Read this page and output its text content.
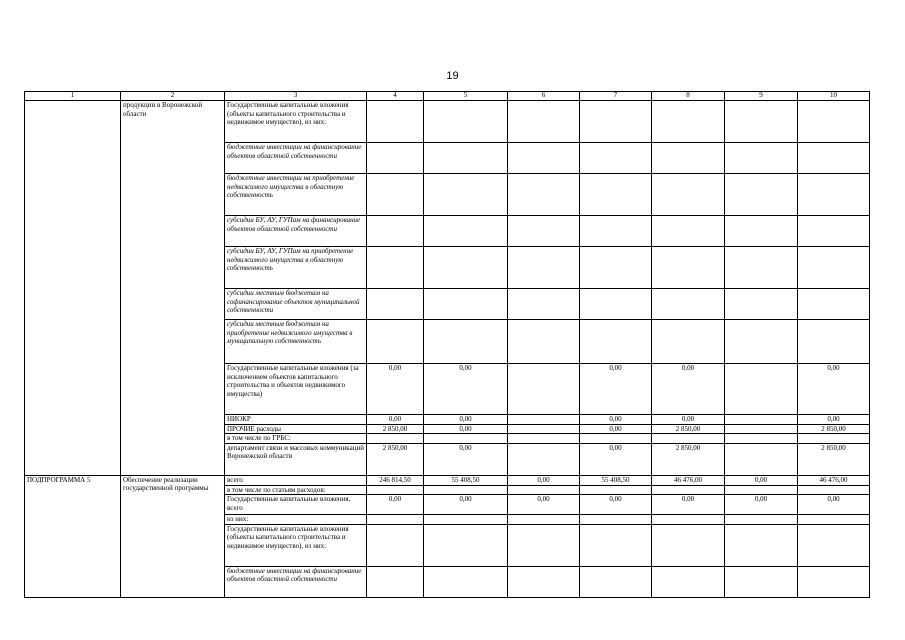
19
1	2	3	4	5	6	7	8	9	10
	продукции в Воронежской области	Государственные капитальные вложения (объекты капитального строительства и недвижимое имущество), из них:							
		бюджетные инвестиции на финансирование объектов областной собственности							
		бюджетные инвестиции на приобретение недвижимого имущества в областную собственность							
		субсидии БУ, АУ, ГУПам на финансирование объектов областной собственности							
		субсидии БУ, АУ, ГУПам на приобретение недвижимого имущества в областную собственность							
		субсидии местным бюджетам на софинансирование объектов муниципальной собственности							
		субсидии местным бюджетам на приобретение недвижимого имущества в муниципальную собственность							
		Государственные капитальные вложения (за исключением объектов капитального строительства и объектов недвижимого имущества)	0,00	0,00		0,00	0,00		0,00
		НИОКР	0,00	0,00		0,00	0,00		0,00
		ПРОЧИЕ расходы	2 850,00	0,00		0,00	2 850,00		2 850,00
		в том числе по ГРБС:							
		департамент связи и массовых коммуникаций Воронежской области	2 850,00	0,00		0,00	2 850,00		2 850,00
ПОДПРОГРАММА 5	Обеспечение реализации государственной программы	всего	246 814,50	55 408,50	0,00	55 408,50	46 476,00	0,00	46 476,00
		в том числе по статьям расходов:							
		Государственные капитальные вложения, всего	0,00	0,00	0,00	0,00	0,00	0,00	0,00
		из них:							
		Государственные капитальные вложения (объекты капитального строительства и недвижимое имущество), из них:							
		бюджетные инвестиции на финансирование объектов областной собственности							
